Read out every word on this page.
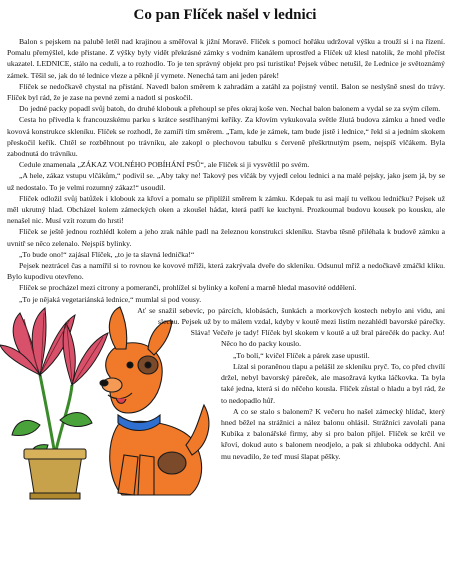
Co pan Flíček našel v lednici

Balon s pejskem na palubě letěl nad krajinou a směřoval k jižní Moravě. Flíček s pomocí hořáku udržoval výšku a trouží si i na řízení. Pomalu přemýšlel, kde přistane. Z výšky byly vidět překrásné zámky s vodním kanálem uprostřed a Flíček už klesl natolik, že mohl přečíst ukazatel. LEDNICE, stálo na ceduli, a to rozhodlo. To je ten správný objekt pro psí turistiku! Pejsek vůbec netušil, že Lednice je světoznámý zámek. Těšil se, jak do té lednice vleze a pěkně jí vymete. Nenechá tam ani jeden párek!

Flíček se nedočkavě chystal na přistání. Navedl balon směrem k zahradám a zatáhl za pojistný ventil. Balon se neslyšně snesl do trávy. Flíček byl rád, že je zase na pevné zemi a nadotl si poskočil.

Do jedné packy popadl svůj batoh, do druhé klobouk a přehoupl se přes okraj koše ven. Nechal balon balonem a vydal se za svým cílem.

Cesta ho přivedla k francouzskému parku s krátce sestřihanými keříky. Za křovím vykukovala světle žlutá budova zámku a hned vedle kovová konstrukce skleníku. Flíček se rozhodl, že zamíří tím směrem. „Tam, kde je zámek, tam bude jistě i lednice,“ řekl si a jedním skokem přeskočil keřík. Chtěl se rozběhnout po trávníku, ale zakopl o plechovou tabulku s červeně přeškrtnutým psem, nejspíš vlčákem. Byla zabodnutá do trávníku.

Cedule znamenala „ZÁKAZ VOLNÉHO POBÍHÁNÍ PSŮ“, ale Flíček si ji vysvětlil po svém.

„A hele, zákaz vstupu vlčákům,“ podivil se. „Aby taky ne! Takový pes vlčák by vyjedl celou lednici a na malé pejsky, jako jsem já, by se už nedostalo. To je velmi rozumný zákaz!“ usoudil.

Flíček odložil svůj batůžek i klobouk za křoví a pomalu se připlížil směrem k zámku. Kdepak tu asi mají tu velkou ledničku? Pejsek už měl ukrutný hlad. Obcházel kolem zámeckých oken a zkoušel hádat, která patří ke kuchyni. Prozkoumal budovu kousek po kousku, ale nenašel nic. Musí vzít rozum do hrsti!

Flíček se ještě jednou rozhlédl kolem a jeho zrak náhle padl na železnou konstrukci skleníku. Stavba těsně přiléhala k budově zámku a uvnitř se něco zelenalo. Nejspíš bylinky.

„To bude ono!“ zajásal Flíček, „to je ta slavná lednička!“

Pejsek neztrácel čas a namířil si to rovnou ke kovové mříži, která zakrývala dveře do skleníku. Odsunul mříž a nedočkavě zmáčkl kliku. Bylo kupodivu otevřeno.

Flíček se procházel mezi citrony a pomeranči, prohlížel si bylinky a koření a marně hledal masovité oddělení.

„To je nějaká vegetariánská lednice,“ mumlal si pod vousy.

Ať se snažil sebevíc, po párcích, klobásách, šunkách a morkových kostech nebylo ani vidu, ani slechu. Pejsek už by to málem vzdal, kdyby v koutě mezi listím nezahlédl bavorské párečky. Sláva! Večeře je tady! Flíček byl skokem v koutě a už bral párečék do packy. Au! Něco ho do packy kouslo.

„To bolí,“ kvičel Flíček a párek zase upustil.

Lízal si poraněnou tlapu a pelášil ze skleníku pryč. To, co před chvílí držel, nebyl bavorský páreček, ale masožravá kytka láčkovka. Ta byla také jedna, která si do něčeho kousla. Flíček zůstal o hladu a byl rád, že to nedopadlo hůř.

A co se stalo s balonem? K večeru ho našel zámecký hlídač, který hned běžel na strážnici a nález balonu ohlásil. Strážníci zavolali pana Kubíka z balonářské firmy, aby si pro balon přijel. Flíček se krčil ve křoví, dokud auto s balonem neodjelo, a pak si zhluboka oddychl. Ani mu nevadilo, že teď musí šlapat pěšky.
